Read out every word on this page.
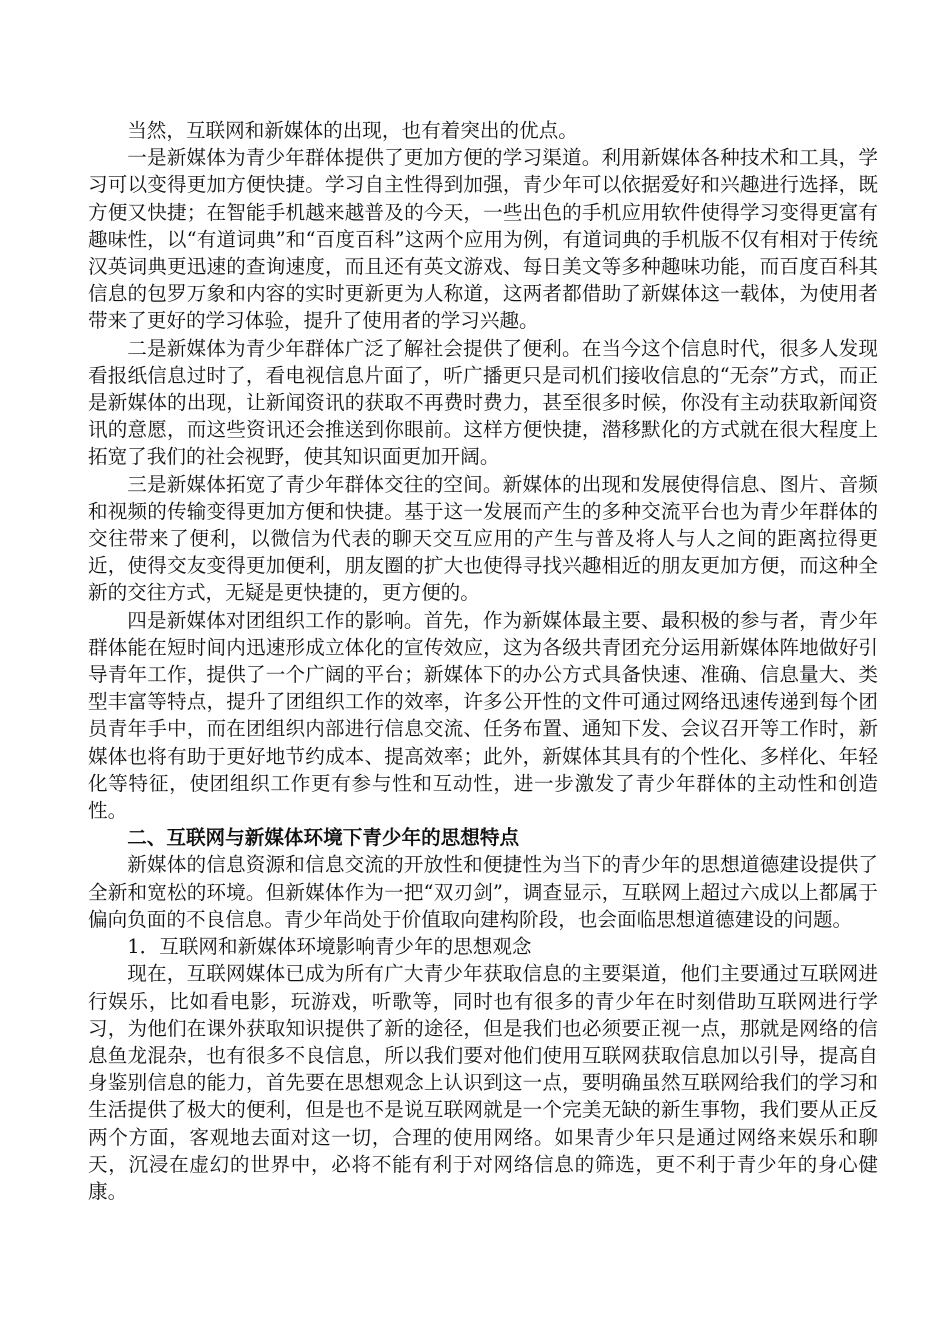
当然，互联网和新媒体的出现，也有着突出的优点。

一是新媒体为青少年群体提供了更加方便的学习渠道。利用新媒体各种技术和工具，学习可以变得更加方便快捷。学习自主性得到加强，青少年可以依据爱好和兴趣进行选择，既方便又快捷；在智能手机越来越普及的今天，一些出色的手机应用软件使得学习变得更富有趣味性，以“有道词典”和“百度百科”这两个应用为例，有道词典的手机版不仅有相对于传统汉英词典更迅速的查询速度，而且还有英文游戏、每日美文等多种趣味功能，而百度百科其信息的包罗万象和内容的实时更新更为人称道，这两者都借助了新媒体这一载体，为使用者带来了更好的学习体验，提升了使用者的学习兴趣。

二是新媒体为青少年群体广泛了解社会提供了便利。在当今这个信息时代，很多人发现看报纸信息过时了，看电视信息片面了，听广播更只是司机们接收信息的“无奈”方式，而正是新媒体的出现，让新闻资讯的获取不再费时费力，甚至很多时候，你没有主动获取新闻资讯的意愿，而这些资讯还会推送到你眼前。这样方便快捷，潜移默化的方式就在很大程度上拓宽了我们的社会视野，使其知识面更加开阔。

三是新媒体拓宽了青少年群体交往的空间。新媒体的出现和发展使得信息、图片、音频和视频的传输变得更加方便和快捷。基于这一发展而产生的多种交流平台也为青少年群体的交往带来了便利，以微信为代表的聊天交互应用的产生与普及将人与人之间的距离拉得更近，使得交友变得更加便利，朋友圈的扩大也使得寻找兴趣相近的朋友更加方便，而这种全新的交往方式，无疑是更快捷的，更方便的。

四是新媒体对团组织工作的影响。首先，作为新媒体最主要、最积极的参与者，青少年群体能在短时间内迅速形成立体化的宣传效应，这为各级共青团充分运用新媒体阵地做好引导青年工作，提供了一个广阔的平台；新媒体下的办公方式具备快速、准确、信息量大、类型丰富等特点，提升了团组织工作的效率，许多公开性的文件可通过网络迅速传递到每个团员青年手中，而在团组织内部进行信息交流、任务布置、通知下发、会议召开等工作时，新媒体也将有助于更好地节约成本、提高效率；此外，新媒体其具有的个性化、多样化、年轻化等特征，使团组织工作更有参与性和互动性，进一步激发了青少年群体的主动性和创造性。

二、互联网与新媒体环境下青少年的思想特点

新媒体的信息资源和信息交流的开放性和便捷性为当下的青少年的思想道德建设提供了全新和宽松的环境。但新媒体作为一把“双刃剑”，调查显示，互联网上超过六成以上都属于偏向负面的不良信息。青少年尚处于价值取向建构阶段，也会面临思想道德建设的问题。

1．互联网和新媒体环境影响青少年的思想观念

现在，互联网媒体已成为所有广大青少年获取信息的主要渠道，他们主要通过互联网进行娱乐，比如看电影，玩游戏，听歌等，同时也有很多的青少年在时刻借助互联网进行学习，为他们在课外获取知识提供了新的途径，但是我们也必须要正视一点，那就是网络的信息鱼龙混杂，也有很多不良信息，所以我们要对他们使用互联网获取信息加以引导，提高自身鉴别信息的能力，首先要在思想观念上认识到这一点，要明确虽然互联网给我们的学习和生活提供了极大的便利，但是也不是说互联网就是一个完美无缺的新生事物，我们要从正反两个方面，客观地去面对这一切，合理的使用网络。如果青少年只是通过网络来娱乐和聊天，沉浸在虚幻的世界中，必将不能有利于对网络信息的筛选，更不利于青少年的身心健康。
